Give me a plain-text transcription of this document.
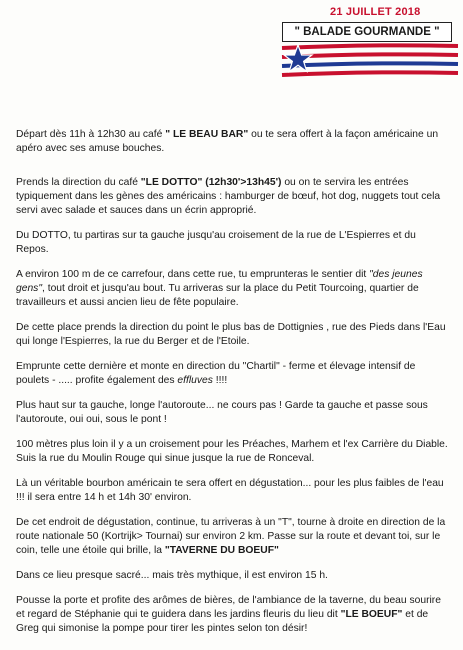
21 JUILLET 2018
" BALADE GOURMANDE "

Départ dès 11h à 12h30 au café " LE BEAU BAR" ou te sera offert à la façon américaine un apéro avec ses amuse bouches.

Prends la direction du café "LE DOTTO" (12h30'>13h45') ou on te servira les entrées typiquement dans les gènes des américains : hamburger de bœuf, hot dog, nuggets tout cela servi avec salade et sauces dans un écrin approprié.

Du DOTTO, tu partiras sur ta gauche jusqu'au croisement de la rue de L'Espierres et du Repos.

A environ 100 m de ce carrefour, dans cette rue, tu emprunteras le sentier dit "des jeunes gens", tout droit et jusqu'au bout. Tu arriveras sur la place du Petit Tourcoing, quartier de travailleurs et aussi ancien lieu de fête populaire.

De cette place prends la direction du point le plus bas de Dottignies , rue des Pieds dans l'Eau qui longe l'Espierres, la rue du Berger et de l'Etoile.

Emprunte cette dernière et monte en direction du "Chartil" - ferme et élevage intensif de poulets - ..... profite également des effluves !!!!

Plus haut sur ta gauche, longe l'autoroute... ne cours pas ! Garde ta gauche et passe sous l'autoroute, oui oui, sous le pont !

100 mètres plus loin il y a un croisement pour les Préaches, Marhem et l'ex Carrière du Diable. Suis la rue du Moulin Rouge qui sinue jusque la rue de Ronceval.

Là un véritable bourbon américain te sera offert en dégustation... pour les plus faibles de l'eau !!! il sera entre 14 h et 14h 30' environ.

De cet endroit de dégustation, continue, tu arriveras à un "T", tourne à droite en direction de la route nationale 50 (Kortrijk> Tournai) sur environ 2 km. Passe sur la route et devant toi, sur le coin, telle une étoile qui brille, la "TAVERNE DU BOEUF"

Dans ce lieu presque sacré... mais très mythique, il est environ 15 h.

Pousse la porte et profite des arômes de bières, de l'ambiance de la taverne, du beau sourire et regard de Stéphanie qui te guidera dans les jardins fleuris du lieu dit "LE BOEUF" et de Greg qui simonise la pompe pour tirer les pintes selon ton désir!
